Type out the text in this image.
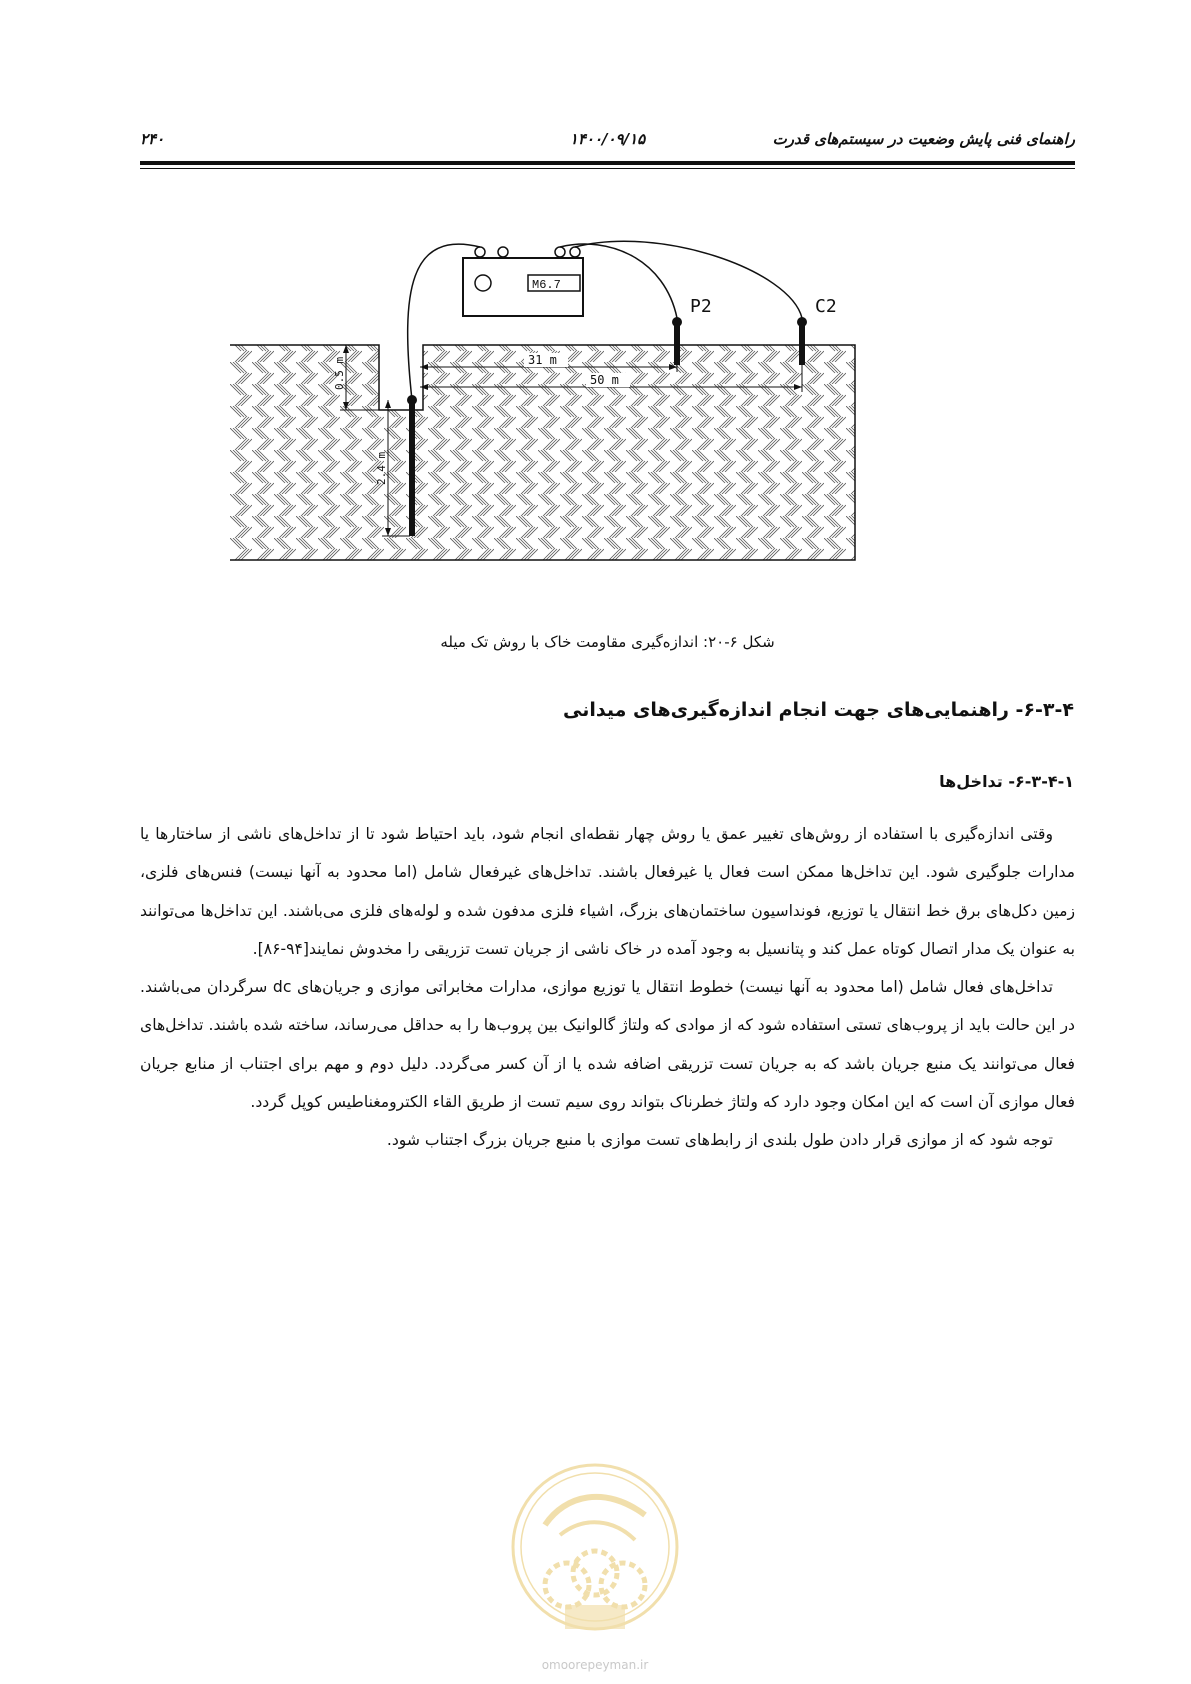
راهنمای فنی پایش وضعیت در سیستم‌های قدرت
۱۴۰۰/۰۹/۱۵
۲۴۰
M6.7
P2	C2
31 m
50 m
0.5 m
2.4 m
شکل ۶-۲۰: اندازه‌گیری مقاومت خاک با روش تک میله
۶-۳-۴- راهنمایی‌های جهت انجام اندازه‌گیری‌های میدانی
۶-۳-۴-۱- تداخل‌ها

وقتی اندازه‌گیری با استفاده از روش‌های تغییر عمق یا روش چهار نقطه‌ای انجام شود، باید احتیاط شود تا از تداخل‌های ناشی از ساختارها یا مدارات جلوگیری شود. این تداخل‌ها ممکن است فعال یا غیرفعال باشند. تداخل‌های غیرفعال شامل (اما محدود به آنها نیست) فنس‌های فلزی، زمین دکل‌های برق خط انتقال یا توزیع، فونداسیون ساختمان‌های بزرگ، اشیاء فلزی مدفون شده و لوله‌های فلزی می‌باشند. این تداخل‌ها می‌توانند به عنوان یک مدار اتصال کوتاه عمل کند و پتانسیل به وجود آمده در خاک ناشی از جریان تست تزریقی را مخدوش نمایند[۹۴-۸۶].

تداخل‌های فعال شامل (اما محدود به آنها نیست) خطوط انتقال یا توزیع موازی، مدارات مخابراتی موازی و جریان‌های dc سرگردان می‌باشند. در این حالت باید از پروب‌های تستی استفاده شود که از موادی که ولتاژ گالوانیک بین پروب‌ها را به حداقل می‌رساند، ساخته شده باشند. تداخل‌های فعال می‌توانند یک منبع جریان باشد که به جریان تست تزریقی اضافه شده یا از آن کسر می‌گردد. دلیل دوم و مهم برای اجتناب از منابع جریان فعال موازی آن است که این امکان وجود دارد که ولتاژ خطرناک بتواند روی سیم تست از طریق القاء الکترومغناطیس کوپل گردد.

توجه شود که از موازی قرار دادن طول بلندی از رابط‌های تست موازی با منبع جریان بزرگ اجتناب شود.

omoorepeyman.ir
